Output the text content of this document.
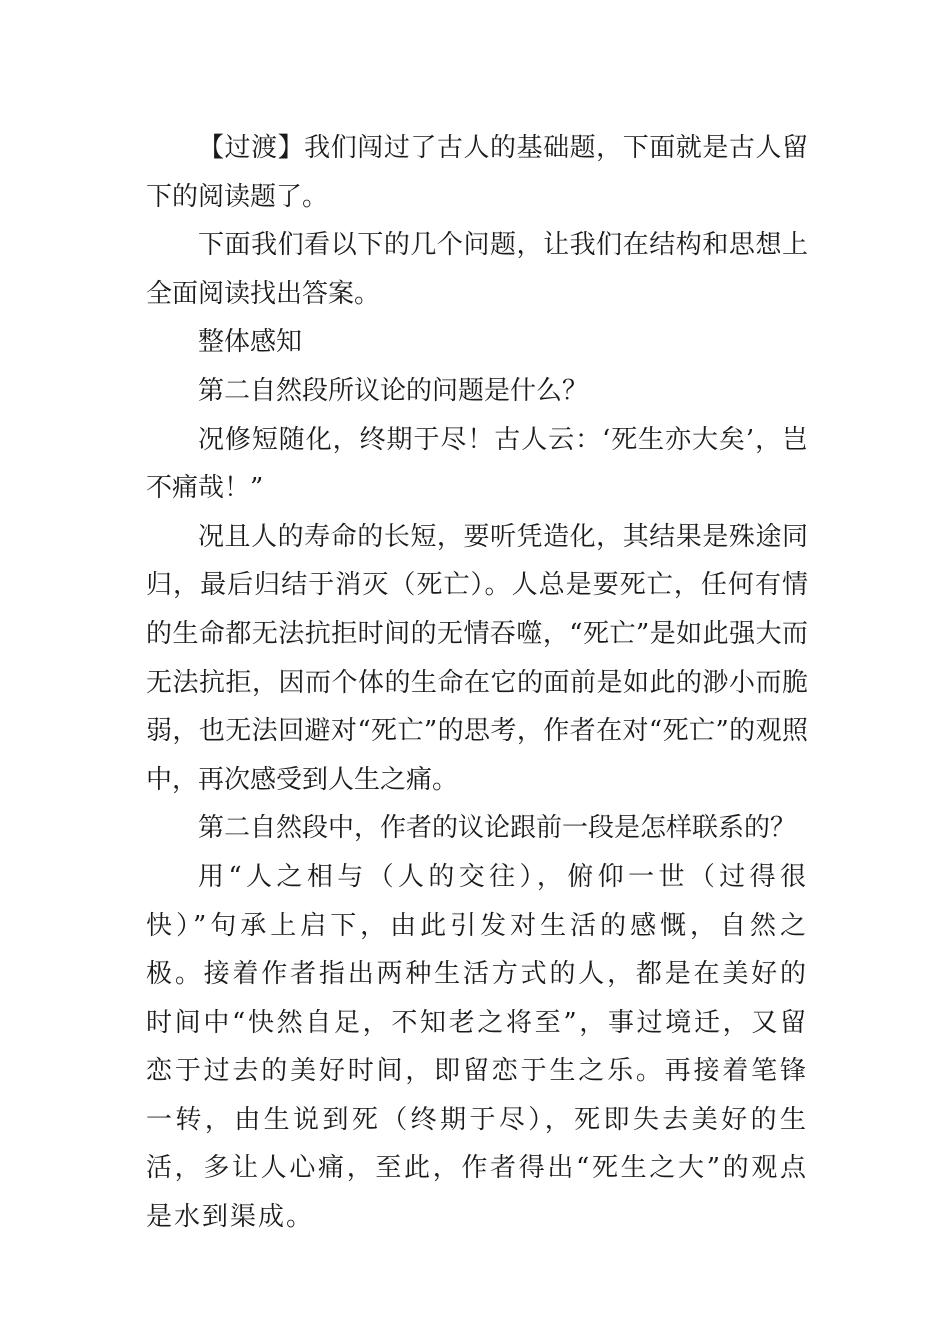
【过渡】我们闯过了古人的基础题，下面就是古人留下的阅读题了。

下面我们看以下的几个问题，让我们在结构和思想上全面阅读找出答案。

整体感知

第二自然段所议论的问题是什么？

况修短随化，终期于尽！古人云：‘死生亦大矣’，岂不痛哉！”

况且人的寿命的长短，要听凭造化，其结果是殊途同归，最后归结于消灭（死亡）。人总是要死亡，任何有情的生命都无法抗拒时间的无情吞噬，“死亡”是如此强大而无法抗拒，因而个体的生命在它的面前是如此的渺小而脆弱，也无法回避对“死亡”的思考，作者在对“死亡”的观照中，再次感受到人生之痛。

第二自然段中，作者的议论跟前一段是怎样联系的？

用“人之相与（人的交往），俯仰一世（过得很快）”句承上启下，由此引发对生活的感慨，自然之极。接着作者指出两种生活方式的人，都是在美好的时间中“快然自足，不知老之将至”，事过境迁，又留恋于过去的美好时间，即留恋于生之乐。再接着笔锋一转，由生说到死（终期于尽），死即失去美好的生活，多让人心痛，至此，作者得出“死生之大”的观点是水到渠成。
